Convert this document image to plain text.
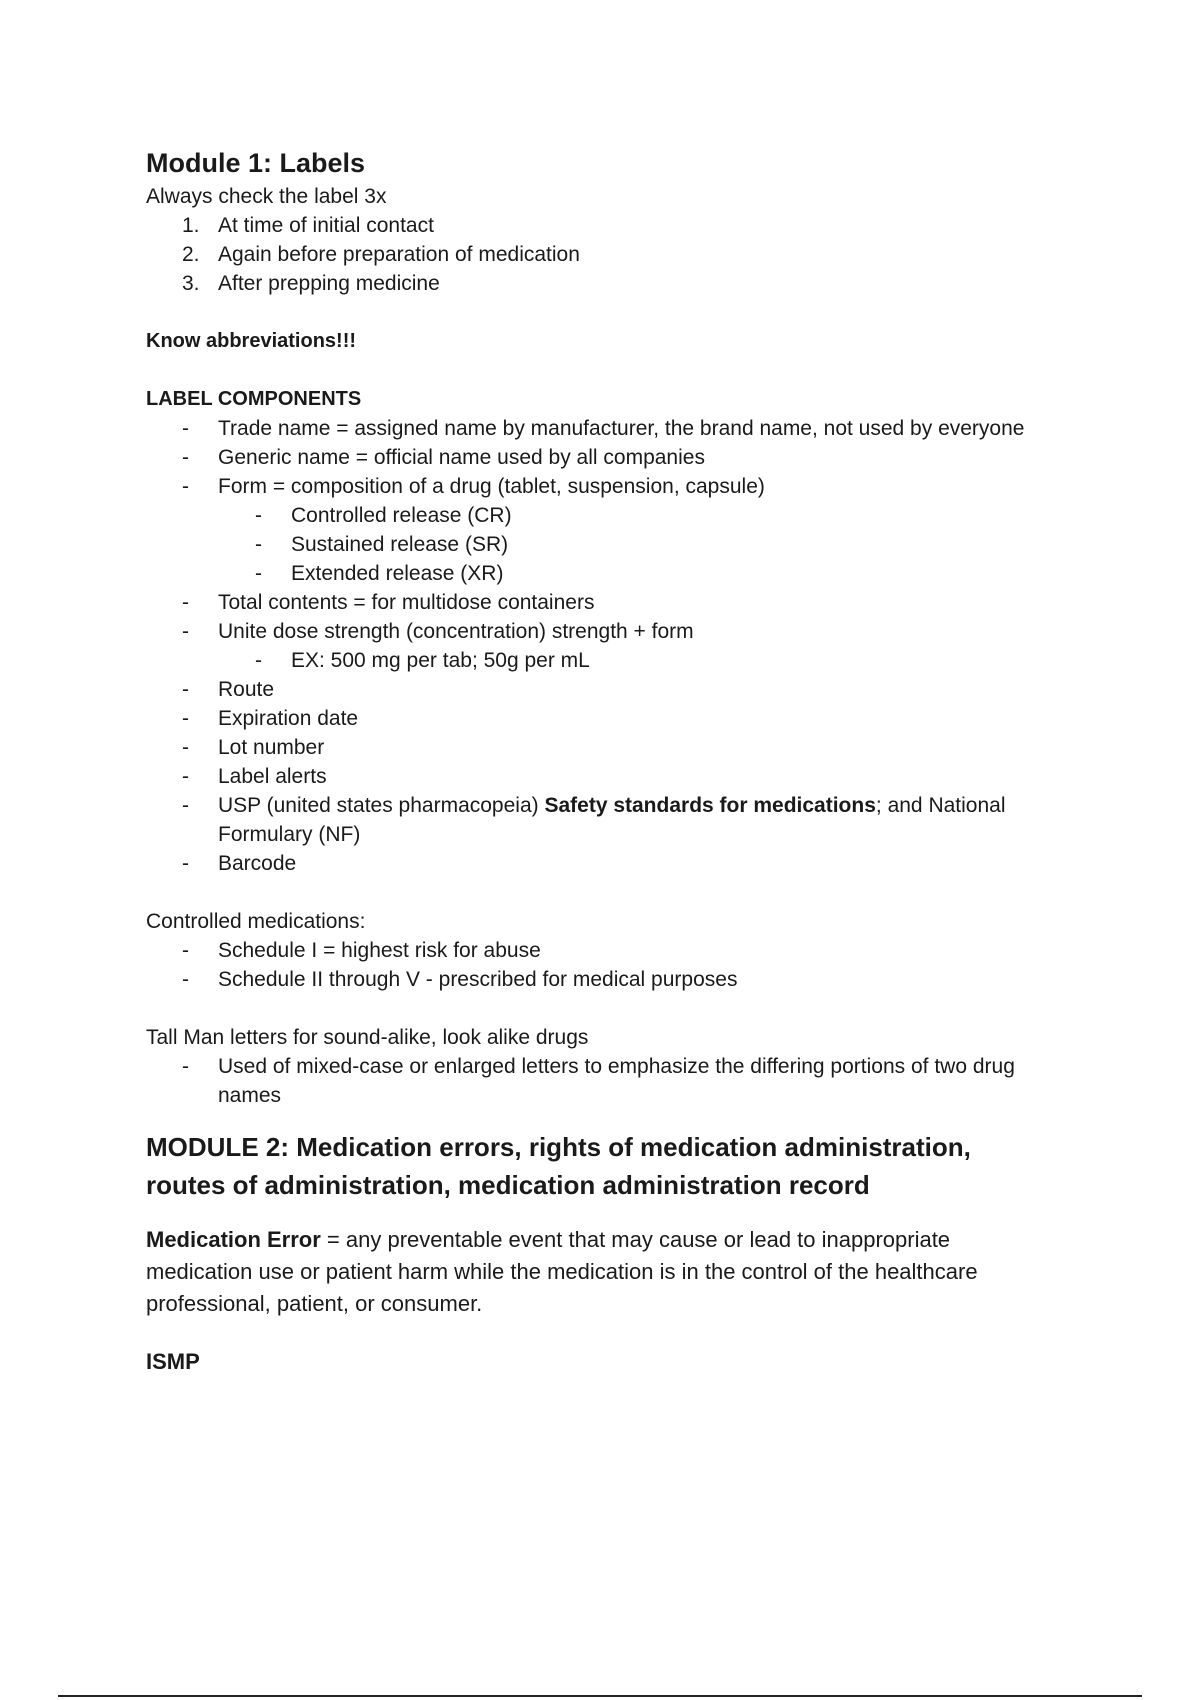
Module 1: Labels

Always check the label 3x

1. At time of initial contact
2. Again before preparation of medication
3. After prepping medicine

Know abbreviations!!!

LABEL COMPONENTS

- Trade name = assigned name by manufacturer, the brand name, not used by everyone
- Generic name = official name used by all companies
- Form = composition of a drug (tablet, suspension, capsule)
- Controlled release (CR)
- Sustained release (SR)
- Extended release (XR)
- Total contents = for multidose containers
- Unite dose strength (concentration) strength + form
- EX: 500 mg per tab; 50g per mL
- Route
- Expiration date
- Lot number
- Label alerts
- USP (united states pharmacopeia) Safety standards for medications; and National
Formulary (NF)
- Barcode

Controlled medications:

- Schedule I = highest risk for abuse
- Schedule II through V - prescribed for medical purposes

Tall Man letters for sound-alike, look alike drugs

- Used of mixed-case or enlarged letters to emphasize the differing portions of two drug
names
MODULE 2: Medication errors, rights of medication administration,
routes of administration, medication administration record

Medication Error = any preventable event that may cause or lead to inappropriate
medication use or patient harm while the medication is in the control of the healthcare
professional, patient, or consumer.

ISMP
